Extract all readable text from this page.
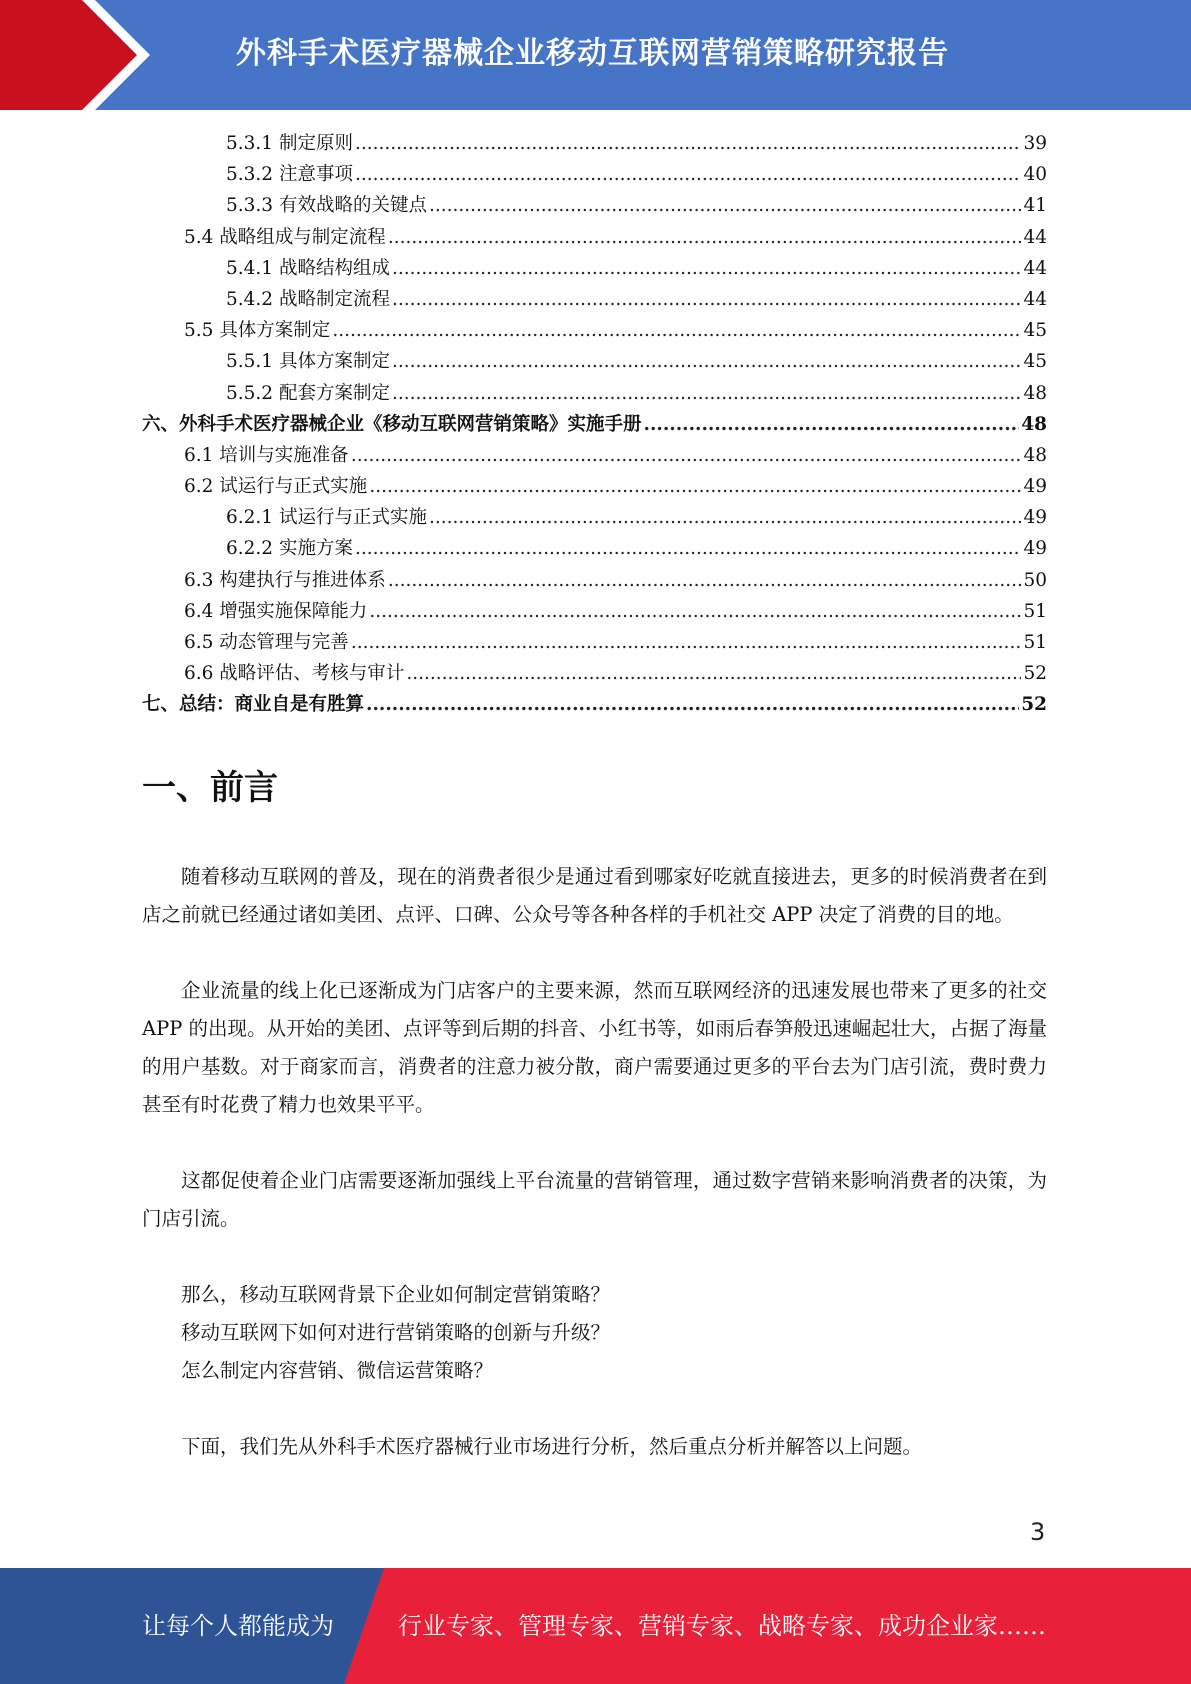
外科手术医疗器械企业移动互联网营销策略研究报告
5.3.1 制定原则 .....	39
5.3.2 注意事项 .....	40
5.3.3 有效战略的关键点 .....	41
5.4 战略组成与制定流程 .....	44
5.4.1 战略结构组成 .....	44
5.4.2 战略制定流程 .....	44
5.5 具体方案制定 .....	45
5.5.1 具体方案制定 .....	45
5.5.2 配套方案制定 .....	48
六、外科手术医疗器械企业《移动互联网营销策略》实施手册 .....	48
6.1 培训与实施准备 .....	48
6.2 试运行与正式实施 .....	49
6.2.1 试运行与正式实施 .....	49
6.2.2 实施方案 .....	49
6.3 构建执行与推进体系 .....	50
6.4 增强实施保障能力 .....	51
6.5 动态管理与完善 .....	51
6.6 战略评估、考核与审计 .....	52
七、总结：商业自是有胜算 .....	52
一、前言

随着移动互联网的普及，现在的消费者很少是通过看到哪家好吃就直接进去，更多的时候消费者在到店之前就已经通过诸如美团、点评、口碑、公众号等各种各样的手机社交 APP 决定了消费的目的地。

企业流量的线上化已逐渐成为门店客户的主要来源，然而互联网经济的迅速发展也带来了更多的社交 APP 的出现。从开始的美团、点评等到后期的抖音、小红书等，如雨后春笋般迅速崛起壮大，占据了海量的用户基数。对于商家而言，消费者的注意力被分散，商户需要通过更多的平台去为门店引流，费时费力甚至有时花费了精力也效果平平。

这都促使着企业门店需要逐渐加强线上平台流量的营销管理，通过数字营销来影响消费者的决策，为门店引流。

那么，移动互联网背景下企业如何制定营销策略？

移动互联网下如何对进行营销策略的创新与升级？

怎么制定内容营销、微信运营策略？

下面，我们先从外科手术医疗器械行业市场进行分析，然后重点分析并解答以上问题。

3
让每个人都能成为	行业专家、管理专家、营销专家、战略专家、成功企业家……
